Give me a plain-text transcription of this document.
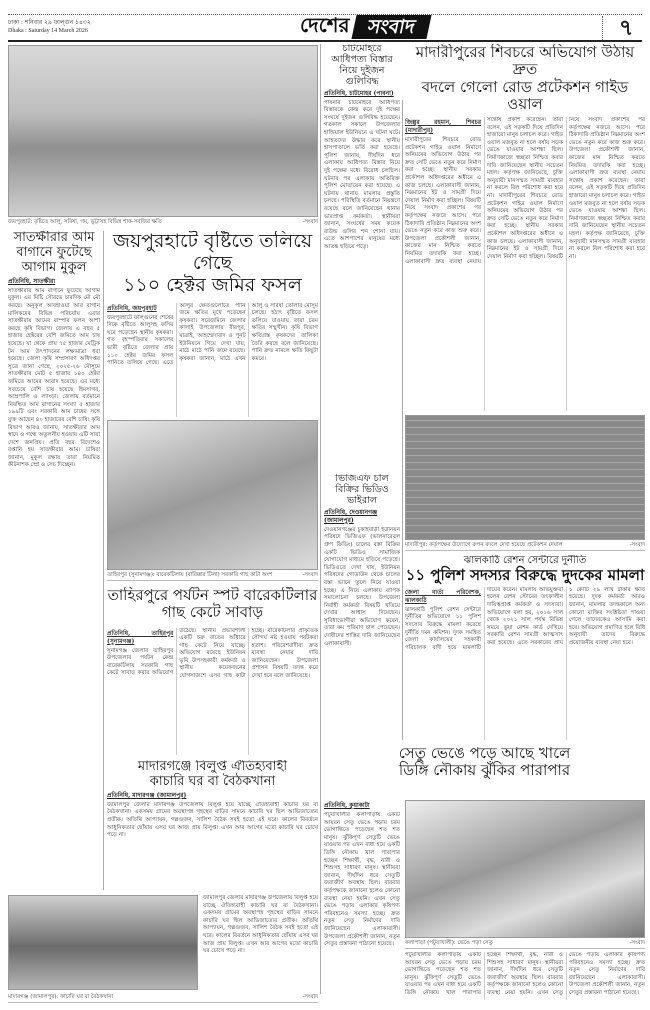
ঢাকা : শনিবার ২৯ ফাল্গুন ১৪৩২
Dhaka : Saturday 14 March 2026	দেশের সংবাদ	৭
জয়পুরহাট: বৃষ্টিতে আলু, সরিষা, গম, ভুট্টাসহ বিভিন্ন শাক-সবজির ক্ষতি	-সংবাদ
সাতক্ষীরার আম বাগানে ফুটেছে আগাম মুকুল
প্রতিনিধি, সাতক্ষীরা
সাতক্ষীরার আম বাগানে ফুটেছে আগাম মুকুল। এর মিষ্টি সৌরভে চারদিক মৌ মৌ করছে। অনুকূল আবহাওয়া আর বাগান মালিকদের বিভিন্ন পরিচর্যায় এবার সাতক্ষীরায় আমের বাম্পার ফলন আশা করছে কৃষি বিভাগ। জেলায় এ বছর ৫ হাজার হেক্টরের বেশি জমিতে আম চাষ হয়েছে। যা থেকে প্রায় ৭৫ হাজার মেট্রিক টন আম উৎপাদনের লক্ষ্যমাত্রা ধরা হয়েছে। জেলা কৃষি সম্প্রসারণ অধিদপ্তর সূত্রে জানা গেছে, ২০২৫-২৬ মৌসুমে সাতক্ষীরার মোট ৫ হাজার ১৪০ হেক্টর জমিতে আমের আবাদ হয়েছে। এর মধ্যে সবচেয়ে বেশি চাষ হয়েছে হিমসাগর, আম্রপালি ও ল্যাংড়া। জেলায় বর্তমানে নিবন্ধিত আম বাগানের সংখ্যা ৫ হাজার ১৯৯টি এবং সরকারি আম চাষের সঙ্গে যুক্ত আছেন ৪০ হাজারের বেশি চাষি। কৃষি বিভাগ আরও জানায়, সাতক্ষীরার আম স্বাদে ও গন্ধে অতুলনীয় হওয়ায় এটি সারা দেশে জনপ্রিয়। প্রতি বছর বিদেশেও রপ্তানি হয় সাতক্ষীরার আম। চাষিরা জানান, মুকুল রক্ষায় তারা নিয়মিত কীটনাশক স্প্রে ও সেচ দিচ্ছেন।
জয়পুরহাটে বৃষ্টিতে তলিয়ে গেছে
১১০ হেক্টর জমির ফসল
প্রতিনিধি, জয়পুরহাট
জয়পুরহাটে ফাল্গুনের শেষের দিকে বৃষ্টিতে আলুসহ ফসির ঘরে পড়েছেন স্থানীয় কৃষকরা। গত বৃহস্পতিবার সকালের ভারী বৃষ্টিতে জেলার প্রায় ১১০ হেক্টর জমির ফসল পানিতে তলিয়ে গেছে। এতে আলুর ক্ষেতগুলোতে পানি জমে ক্ষতির মুখে পড়েছেন কৃষকরা। সরেজমিনে জেলার কালাই উপজেলার বীরপুর, মাত্রাই, আহম্মেদাবাদ ও পুনট ইউনিয়নে গিয়ে দেখা যায়, মাঠে মাঠে পানি জমে রয়েছে। কৃষকরা জানান, মাঠে এখন আলু ও সরিষা তোলার মৌসুম চলছে। হঠাৎ বৃষ্টিতে ফসল তলিয়ে যাওয়ায় তারা চরম ক্ষতির সম্মুখীন। কৃষি বিভাগ ক্ষতিগ্রস্ত কৃষকদের তালিকা তৈরি করছে বলে জানিয়েছে। পানি দ্রুত নামলে ক্ষতি কিছুটা কমবে।
তাহিরপুর (সুনামগঞ্জ): বারেকটিলায় (বারিক্কার টিলা) সরকারি গাছ কাটা অংশ	-সংবাদ
তাহিরপুরে পর্যটন স্পট বারেকটিলার
গাছ কেটে সাবাড়
প্রতিনিধি, তাহিরপুর (সুনামগঞ্জ)
সুনামগঞ্জ জেলার তাহিরপুর উপজেলার পর্যটন কেন্দ্র বারেকটিলায় সরকারি গাছ কেটে সাবাড় করার অভিযোগ উঠেছে। স্থানীয় প্রভাবশালী একটি চক্র রাতের আঁধারে গাছ কেটে নিয়ে যাচ্ছে। অভিযোগ রয়েছে ইউনিয়ন ভূমি উপসহকারী কর্মকর্তা ও স্থানীয় কয়েকজনের যোগসাজশে এসব গাছ কাটা হচ্ছে। বারেকটিলার প্রাকৃতিক সৌন্দর্য নষ্ট হওয়ায় পর্যটকরা হতাশ। পরিবেশবাদীরা দ্রুত ব্যবস্থা নেয়ার দাবি জানিয়েছেন। উপজেলা প্রশাসন বিষয়টি তদন্ত করে দেখা হবে বলে জানিয়েছে।
মাদারগঞ্জে বিলুপ্ত ঐতিহ্যবাহী
কাচারি ঘর বা বৈঠকখানা
প্রতিনিধি, মাদারগঞ্জ (জামালপুর)
জামালপুর জেলার মাদারগঞ্জ উপজেলায় বিলুপ্ত হয়ে যাচ্ছে ঐতিহ্যবাহী কাচারি ঘর বা বৈঠকখানা। একসময় গ্রামের অবস্থাপন্ন গৃহস্থের বাড়ির সামনে কাচারি ঘর ছিল আভিজাত্যের প্রতীক। অতিথি আপ্যায়ন, গল্পগুজব, সালিশ বৈঠক সবই হতো এই ঘরে। কালের বিবর্তনে আধুনিকতার ছোঁয়ায় এসব ঘর আজ প্রায় বিলুপ্ত। এখন আর আগের মতো কাচারি ঘর চোখে পড়ে না।
জামালপুর জেলার মাদারগঞ্জ উপজেলায় বিলুপ্ত হয়ে যাচ্ছে ঐতিহ্যবাহী কাচারি ঘর বা বৈঠকখানা। একসময় গ্রামের অবস্থাপন্ন গৃহস্থের বাড়ির সামনে কাচারি ঘর ছিল আভিজাত্যের প্রতীক। অতিথি আপ্যায়ন, গল্পগুজব, সালিশ বৈঠক সবই হতো এই ঘরে। কালের বিবর্তনে আধুনিকতার ছোঁয়ায় এসব ঘর আজ প্রায় বিলুপ্ত। এখন আর আগের মতো কাচারি ঘর চোখে পড়ে না।
মাদারগঞ্জ (জামালপুর): কাচারি ঘর বা বৈঠকখানা	-সংবাদ
চাটমোহরে আধিপত্য বিস্তার নিয়ে দুইজন গুলিবিদ্ধ
প্রতিনিধি, চাটমোহর (পাবনা)
পাবনার চাটমোহরে আধিপত্য বিস্তারকে কেন্দ্র করে দুই পক্ষের সংঘর্ষে দুইজন গুলিবিদ্ধ হয়েছেন। গতকাল সকালে উপজেলার হান্ডিয়াল ইউনিয়নে এ ঘটনা ঘটে। আহতদের উদ্ধার করে স্থানীয় হাসপাতালে ভর্তি করা হয়েছে। পুলিশ জানায়, দীর্ঘদিন ধরে এলাকায় আধিপত্য বিস্তার নিয়ে দুই পক্ষের মধ্যে বিরোধ চলছিল। ঘটনার পর এলাকায় অতিরিক্ত পুলিশ মোতায়েন করা হয়েছে। এ ঘটনায় থানায় মামলার প্রস্তুতি চলছে। পরিস্থিতি বর্তমানে নিয়ন্ত্রণে রয়েছে বলে জানিয়েছেন থানার ভারপ্রাপ্ত কর্মকর্তা। স্থানীয়রা জানান, সংঘর্ষের সময় কয়েক রাউন্ড গুলির শব্দ শোনা যায়। এতে আশপাশের মানুষের মধ্যে আতঙ্ক ছড়িয়ে পড়ে।
ভিজিএফ চাল বিক্রির ভিডিও ভাইরাল
প্রতিনিধি, দেওয়ানগঞ্জ (জামালপুর)
দেওয়ানগঞ্জের চুকাইবাড়ী ইউনিয়ন পরিষদে ভিজিএফ (ভালনারেবল গ্রুপ ফিডিং) চালের বস্তা বিক্রির একটি ভিডিও সামাজিক যোগাযোগ মাধ্যমে ছড়িয়ে পড়েছে। ভিডিওতে দেখা যায়, ইউনিয়ন পরিষদের গোডাউন থেকে চালের বস্তা ভ্যানে তুলে নিয়ে যাওয়া হচ্ছে। এ নিয়ে এলাকায় ব্যাপক সমালোচনা চলছে। উপজেলা নির্বাহী কর্মকর্তা বিষয়টি খতিয়ে দেখার আশ্বাস দিয়েছেন। সুবিধাভোগীরা অভিযোগ করেন, তারা কম পরিমাণ চাল পেয়েছেন। দোষীদের শাস্তির দাবি জানিয়েছেন এলাকাবাসী।
মাদারীপুরের শিবচরে অভিযোগ উঠায় দ্রুত
বদলে গেলো রোড প্রটেকশন গাইড ওয়াল
জিল্লুর রহমান, শিবচর (মাদারীপুর)
মাদারীপুরের শিবচরে রোড প্রটেকশন গাইড ওয়াল নির্মাণে অনিয়মের অভিযোগ উঠার পর দ্রুত সেটি ভেঙে নতুন করে নির্মাণ করা হচ্ছে। স্থানীয় সরকার প্রকৌশল অধিদপ্তরের অধীনে এ কাজ চলছে। এলাকাবাসী জানান, নিম্নমানের ইট ও সামগ্রী দিয়ে দেয়াল নির্মাণ করা হচ্ছিল। বিষয়টি নিয়ে সংবাদ প্রকাশের পর কর্তৃপক্ষের নজরে আসে। পরে ঠিকাদারি প্রতিষ্ঠান নিম্নমানের অংশ ভেঙে নতুন করে কাজ শুরু করে। উপজেলা প্রকৌশলী জানান, কাজের মান নিশ্চিত করতে নিয়মিত তদারকি করা হচ্ছে। এলাকাবাসী দ্রুত ব্যবস্থা নেয়ায় সন্তোষ প্রকাশ করেছেন। তারা বলেন, এই সড়কটি দিয়ে প্রতিদিন হাজারো মানুষ চলাচল করে। গাইড ওয়াল মজবুত না হলে বর্ষায় সড়ক ভেঙে যাওয়ার আশঙ্কা ছিল। নির্মাণকাজে স্বচ্ছতা নিশ্চিত করার দাবি জানিয়েছেন স্থানীয় সচেতন মহল। কর্তৃপক্ষ জানিয়েছে, চুক্তি অনুযায়ী মানসম্মত সামগ্রী ব্যবহার না করলে বিল পরিশোধ করা হবে না। মাদারীপুরের শিবচরে রোড প্রটেকশন গাইড ওয়াল নির্মাণে অনিয়মের অভিযোগ উঠার পর দ্রুত সেটি ভেঙে নতুন করে নির্মাণ করা হচ্ছে। স্থানীয় সরকার প্রকৌশল অধিদপ্তরের অধীনে এ কাজ চলছে। এলাকাবাসী জানান, নিম্নমানের ইট ও সামগ্রী দিয়ে দেয়াল নির্মাণ করা হচ্ছিল। বিষয়টি নিয়ে সংবাদ প্রকাশের পর কর্তৃপক্ষের নজরে আসে। পরে ঠিকাদারি প্রতিষ্ঠান নিম্নমানের অংশ ভেঙে নতুন করে কাজ শুরু করে। উপজেলা প্রকৌশলী জানান, কাজের মান নিশ্চিত করতে নিয়মিত তদারকি করা হচ্ছে। এলাকাবাসী দ্রুত ব্যবস্থা নেয়ায় সন্তোষ প্রকাশ করেছেন। তারা বলেন, এই সড়কটি দিয়ে প্রতিদিন হাজারো মানুষ চলাচল করে। গাইড ওয়াল মজবুত না হলে বর্ষায় সড়ক ভেঙে যাওয়ার আশঙ্কা ছিল। নির্মাণকাজে স্বচ্ছতা নিশ্চিত করার দাবি জানিয়েছেন স্থানীয় সচেতন মহল। কর্তৃপক্ষ জানিয়েছে, চুক্তি অনুযায়ী মানসম্মত সামগ্রী ব্যবহার না করলে বিল পরিশোধ করা হবে না।
মাদারীপুর: কর্তৃপক্ষের উদ্যোগে রুপন বদলে দেখা হয়েছে প্রটেকশন দেয়াল	-সংবাদ
ঝালকাঠি রেশন সেন্টারে দুর্নীতি
১১ পুলিশ সদস্যর বিরুদ্ধে দুদকের মামলা
জেলা বার্তা পরিবেশক, ঝালকাঠি
ঝালকাঠি পুলিশ রেশন সেন্টারে দুর্নীতির অভিযোগে ১১ পুলিশ সদস্যের বিরুদ্ধে মামলা করেছে দুর্নীতি দমন কমিশন। দুদক সমন্বিত জেলা কার্যালয়ের সহকারী পরিচালক বাদী হয়ে মামলাটি দায়ের করেন। মামলায় অভিযুক্তরা হলেন রেশন স্টোরের তৎকালীন দায়িত্বপ্রাপ্ত কর্মকর্তা ও সদস্যরা। অভিযোগে বলা হয়, ২০১৬ সাল থেকে ২০২১ সাল পর্যন্ত বিভিন্ন সময়ে ভুয়া রেশন কার্ড দেখিয়ে সরকারি রেশন সামগ্রী আত্মসাৎ করা হয়েছে। এতে সরকারের প্রায় ১ কোটি ২৯ লাখ টাকার ক্ষতি হয়েছে। দুদক কর্মকর্তা আরও জানান, মামলার তদন্তকালে অন্য কোনো ব্যক্তির সংশ্লিষ্টতা পাওয়া গেলে তাদেরকেও আসামি করা হবে। অভিযোগ প্রমাণিত হলে বিধি অনুযায়ী তাদের বিরুদ্ধে প্রয়োজনীয় ব্যবস্থা নেয়া হবে।
সেতু ভেঙে পড়ে আছে খালে
ডিঙ্গি নৌকায় ঝুঁকির পারাপার
প্রতিনিধি, কুয়াকাটা
পটুয়াখালীর কলাপাড়ায় একটি আয়রন সেতু ভেঙে পড়ায় চরম ভোগান্তিতে পড়েছেন শত শত মানুষ। ঝুঁকিপূর্ণ সেতুটি ভেঙে যাওয়ার পর এখন বাধ্য হয়ে একটি ডিঙ্গি নৌকায় খাল পারাপার হচ্ছেন শিক্ষার্থী, বৃদ্ধ, নারী ও শিশুসহ সাধারণ মানুষ। স্থানীয়রা জানান, দীর্ঘদিন ধরে সেতুটি জরাজীর্ণ অবস্থায় ছিল। বারবার কর্তৃপক্ষকে জানানো হলেও কোনো ব্যবস্থা নেয়া হয়নি। এখন সেতু ভেঙে পড়ায় এলাকার কৃষিপণ্য পরিবহনেও সমস্যা হচ্ছে। দ্রুত নতুন সেতু নির্মাণের দাবি জানিয়েছেন এলাকাবাসী। উপজেলা প্রকৌশলী জানান, নতুন সেতুর প্রস্তাবনা পাঠানো হয়েছে।	কলাপাড়া (পটুয়াখালী): ভেঙে পড়া সেতু	-সংবাদ
পটুয়াখালীর কলাপাড়ায় একটি আয়রন সেতু ভেঙে পড়ায় চরম ভোগান্তিতে পড়েছেন শত শত মানুষ। ঝুঁকিপূর্ণ সেতুটি ভেঙে যাওয়ার পর এখন বাধ্য হয়ে একটি ডিঙ্গি নৌকায় খাল পারাপার হচ্ছেন শিক্ষার্থী, বৃদ্ধ, নারী ও শিশুসহ সাধারণ মানুষ। স্থানীয়রা জানান, দীর্ঘদিন ধরে সেতুটি জরাজীর্ণ অবস্থায় ছিল। বারবার কর্তৃপক্ষকে জানানো হলেও কোনো ব্যবস্থা নেয়া হয়নি। এখন সেতু ভেঙে পড়ায় এলাকার কৃষিপণ্য পরিবহনেও সমস্যা হচ্ছে। দ্রুত নতুন সেতু নির্মাণের দাবি জানিয়েছেন এলাকাবাসী। উপজেলা প্রকৌশলী জানান, নতুন সেতুর প্রস্তাবনা পাঠানো হয়েছে।
